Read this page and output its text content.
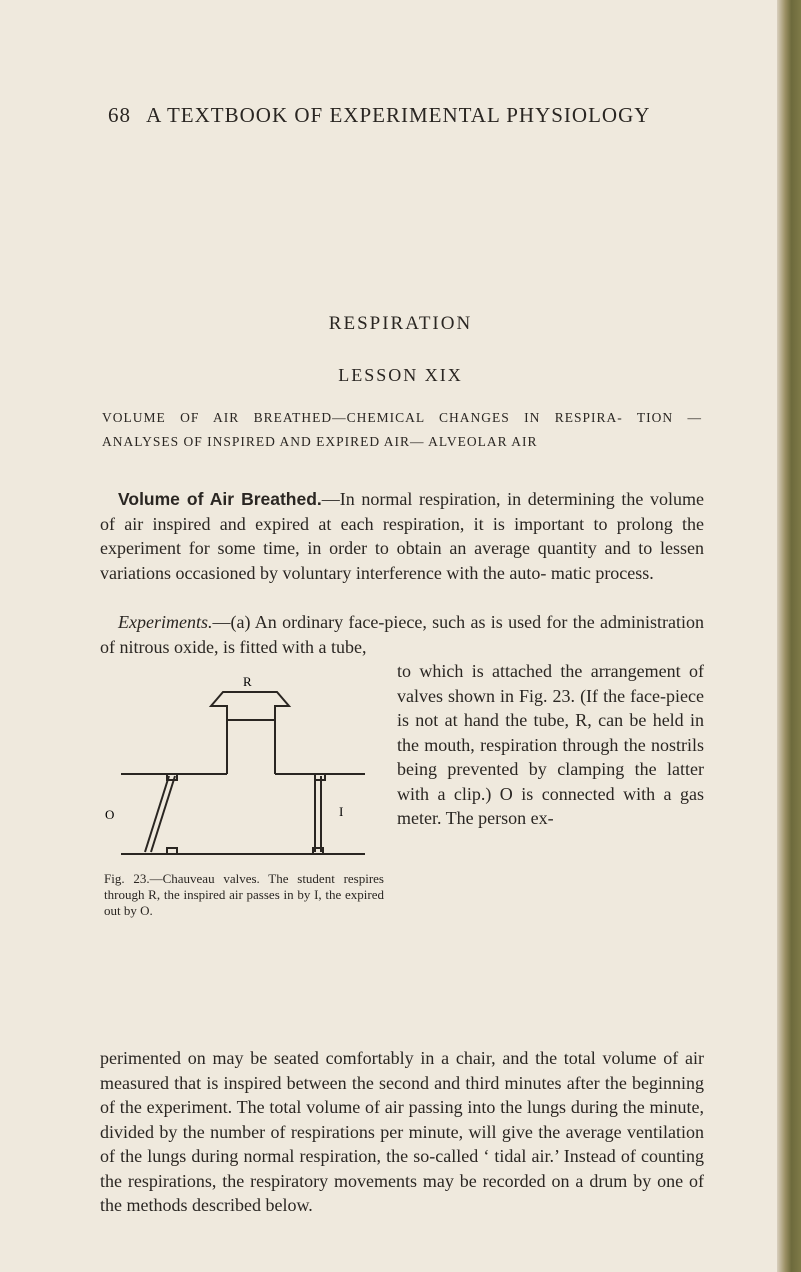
68 A TEXTBOOK OF EXPERIMENTAL PHYSIOLOGY
RESPIRATION
LESSON XIX
VOLUME OF AIR BREATHED—CHEMICAL CHANGES IN RESPIRA- TION — ANALYSES OF INSPIRED AND EXPIRED AIR— ALVEOLAR AIR

Volume of Air Breathed.—In normal respiration, in determining the volume of air inspired and expired at each respiration, it is important to prolong the experiment for some time, in order to obtain an average quantity and to lessen variations occasioned by voluntary interference with the auto- matic process.

Experiments.—(a) An ordinary face-piece, such as is used for the administration of nitrous oxide, is fitted with a tube,

to which is attached the arrangement of valves shown in Fig. 23. (If the face-piece is not at hand the tube, R, can be held in the mouth, respiration through the nostrils being prevented by clamping the latter with a clip.) O is connected with a gas meter. The person ex-
R
O	I
Fig. 23.—Chauveau valves. The student respires through R, the inspired air passes in by I, the expired out by O.

perimented on may be seated comfortably in a chair, and the total volume of air measured that is inspired between the second and third minutes after the beginning of the experiment. The total volume of air passing into the lungs during the minute, divided by the number of respirations per minute, will give the average ventilation of the lungs during normal respiration, the so-called ‘ tidal air.’ Instead of counting the respirations, the respiratory movements may be recorded on a drum by one of the methods described below.
